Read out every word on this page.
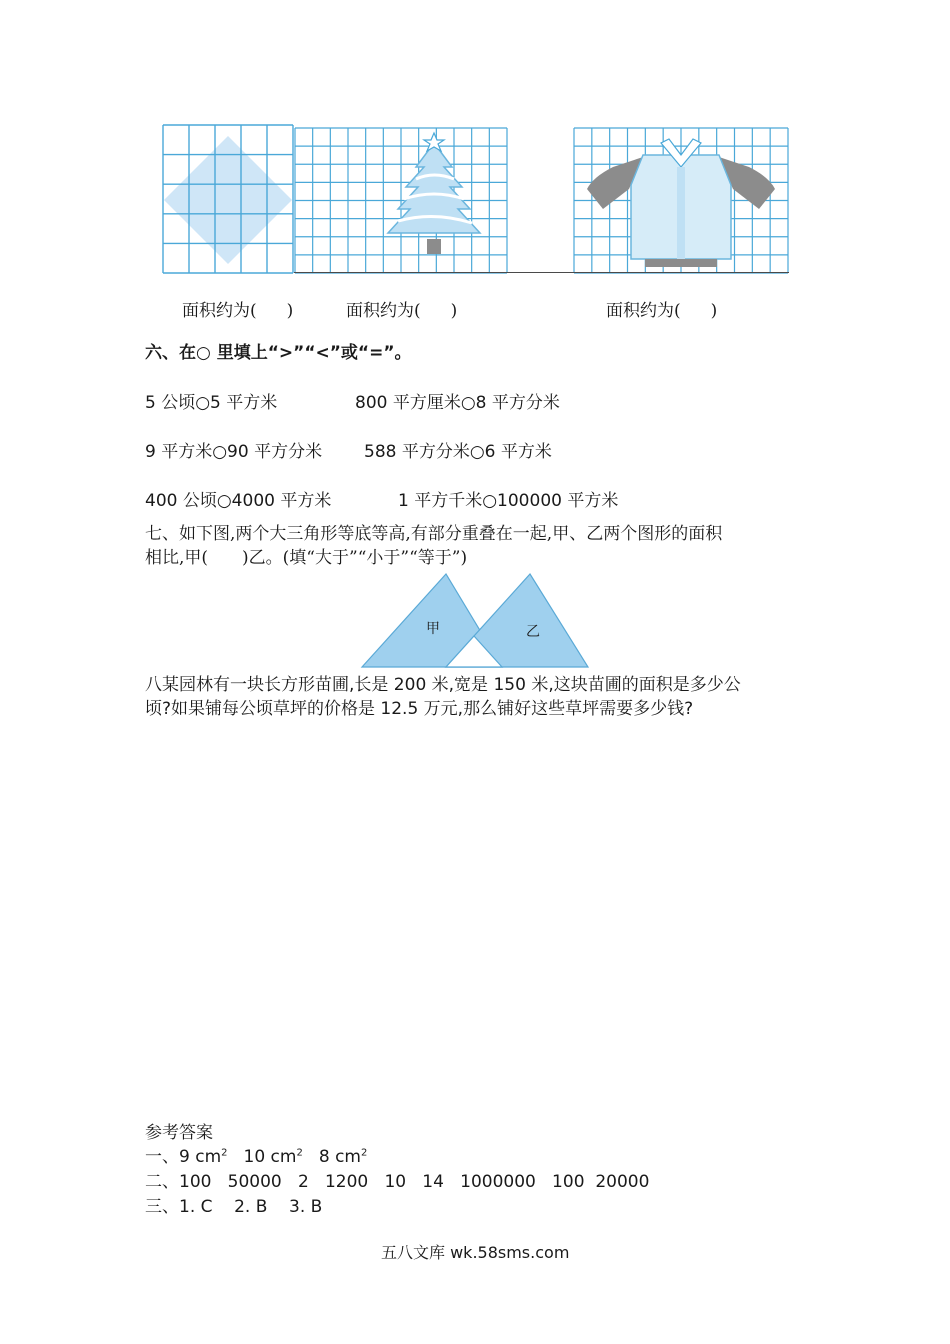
面积约为( )	面积约为( )	面积约为( )
六、在○ 里填上“>”“<”或“=”。
5 公顷○5 平方米	800 平方厘米○8 平方分米
9 平方米○90 平方分米 588 平方分米○6 平方米
400 公顷○4000 平方米	1 平方千米○100000 平方米
七、如下图,两个大三角形等底等高,有部分重叠在一起,甲、乙两个图形的面积
相比,甲( )乙。(填“大于”“小于”“等于”)
甲	乙
八某园林有一块长方形苗圃,长是 200 米,宽是 150 米,这块苗圃的面积是多少公
顷?如果铺每公顷草坪的价格是 12.5 万元,那么铺好这些草坪需要多少钱?
参考答案
一、9 $cm^2$ 10 $cm^2$ 8 $cm^2$
二、100   50000   2   1200   10   14   1000000   100  20000
三、1. C    2. B    3. B
五八文库 wk.58sms.com
